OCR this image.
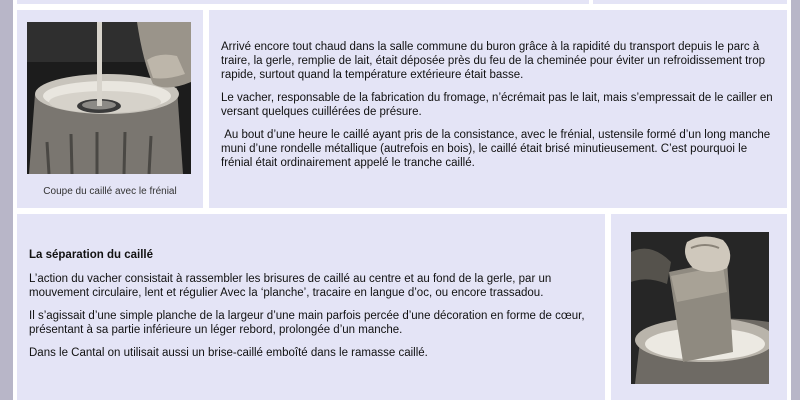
Coupe du caillé avec le frénial

Arrivé encore tout chaud dans la salle commune du buron grâce à la rapidité du transport depuis le parc à traire, la gerle, remplie de lait, était déposée près du feu de la cheminée pour éviter un refroidissement trop rapide, surtout quand la température extérieure était basse.

Le vacher, responsable de la fabrication du fromage, n’écrémait pas le lait, mais s’empressait de le cailler en versant quelques cuillérées de présure.

Au bout d’une heure le caillé ayant pris de la consistance, avec le frénial, ustensile formé d’un long manche muni d’une rondelle métallique (autrefois en bois), le caillé était brisé minutieusement. C’est pourquoi le frénial était ordinairement appelé le tranche caillé.

La séparation du caillé

L’action du vacher consistait à rassembler les brisures de caillé au centre et au fond de la gerle, par un mouvement circulaire, lent et régulier Avec la ‘planche’, tracaire en langue d’oc, ou encore trassadou.

Il s’agissait d’une simple planche de la largeur d’une main parfois percée d’une décoration en forme de cœur, présentant à sa partie inférieure un léger rebord, prolongée d’un manche.

Dans le Cantal on utilisait aussi un brise-caillé emboîté dans le ramasse caillé.
